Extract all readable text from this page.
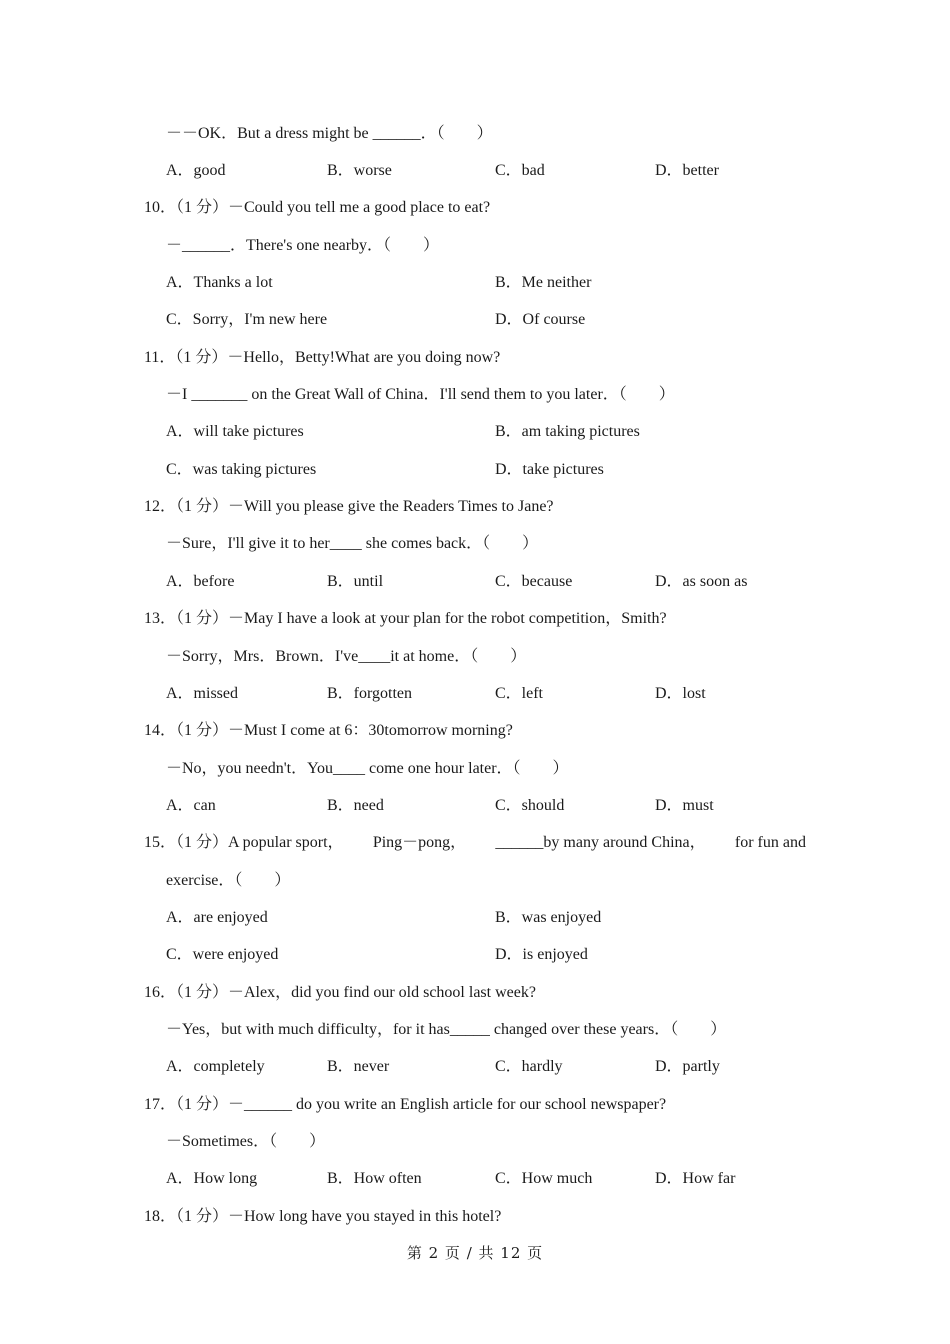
－－OK．But a dress might be ______．（　　）
A．good	B．worse	C．bad	D．better
10．（1 分）－Could you tell me a good place to eat?
－______．There's one nearby．（　　）
A．Thanks a lot	B．Me neither
C．Sorry，I'm new here	D．Of course
11．（1 分）－Hello，Betty!What are you doing now?
－I _______ on the Great Wall of China．I'll send them to you later．（　　）
A．will take pictures	B．am taking pictures
C．was taking pictures	D．take pictures
12．（1 分）－Will you please give the Readers Times to Jane?
－Sure，I'll give it to her____ she comes back．（　　）
A．before	B．until	C．because	D．as soon as
13．（1 分）－May I have a look at your plan for the robot competition，Smith?
－Sorry，Mrs．Brown．I've____it at home．（　　）
A．missed	B．forgotten	C．left	D．lost
14．（1 分）－Must I come at 6：30tomorrow morning?
－No，you needn't．You____ come one hour later．（　　）
A．can	B．need	C．should	D．must
15．（1 分）A popular sport， Ping－pong， ______by many around China， for fun and
exercise．（　　）
A．are enjoyed	B．was enjoyed
C．were enjoyed	D．is enjoyed
16．（1 分）－Alex，did you find our old school last week?
－Yes，but with much difficulty，for it has_____ changed over these years．（　　）
A．completely	B．never	C．hardly	D．partly
17．（1 分）－______ do you write an English article for our school newspaper?
－Sometimes．（　　）
A．How long	B．How often	C．How much	D．How far
18．（1 分）－How long have you stayed in this hotel?
第 2 页 / 共 12 页
